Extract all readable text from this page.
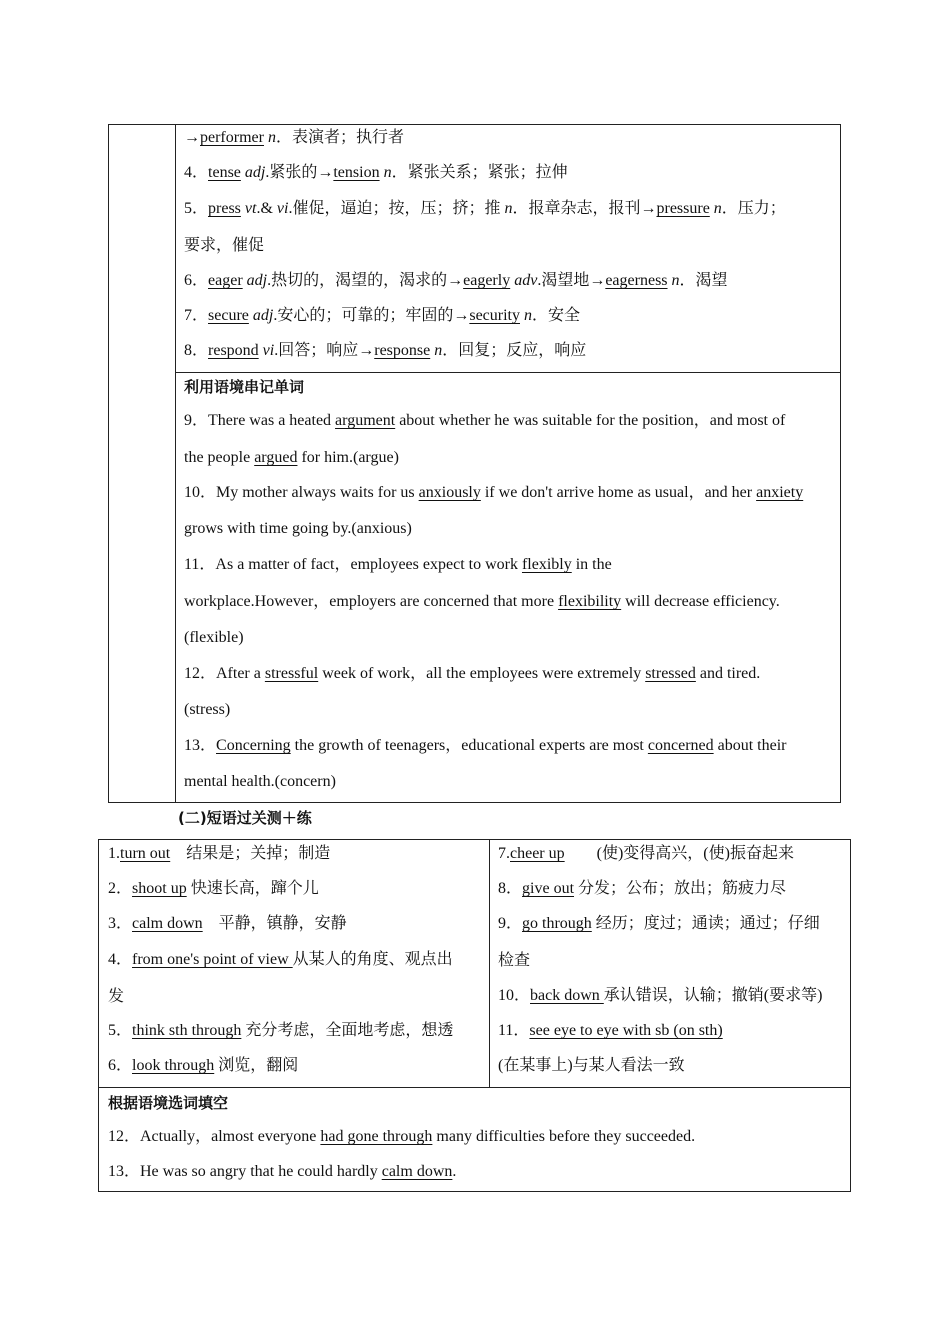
→performer n．表演者；执行者
4．tense adj.紧张的→tension n．紧张关系；紧张；拉伸
5．press vt.& vi.催促，逼迫；按，压；挤；推 n．报章杂志，报刊→pressure n．压力；
要求，催促
6．eager adj.热切的，渴望的，渴求的→eagerly adv.渴望地→eagerness n．渴望
7．secure adj.安心的；可靠的；牢固的→security n．安全
8．respond vi.回答；响应→response n．回复；反应，响应
利用语境串记单词
9．There was a heated argument about whether he was suitable for the position，and most of
the people argued for him.(argue)
10．My mother always waits for us anxiously if we don't arrive home as usual，and her anxiety
grows with time going by.(anxious)
11．As a matter of fact，employees expect to work flexibly in the
workplace.However，employers are concerned that more flexibility will decrease efficiency.
(flexible)
12．After a stressful week of work，all the employees were extremely stressed and tired.
(stress)
13．Concerning the growth of teenagers，educational experts are most concerned about their
mental health.(concern)
(二)短语过关测＋练
1.turn out　结果是；关掉；制造
2．shoot up 快速长高，蹿个儿
3．calm down　平静，镇静，安静
4．from one's point of view 从某人的角度、观点出
发
5．think sth through 充分考虑，全面地考虑，想透
6．look through 浏览，翻阅
7.cheer up　　(使)变得高兴，(使)振奋起来
8．give out 分发；公布；放出；筋疲力尽
9．go through 经历；度过；通读；通过；仔细
检查
10．back down 承认错误，认输；撤销(要求等)
11．see eye to eye with sb (on sth)
(在某事上)与某人看法一致
根据语境选词填空
12．Actually，almost everyone had gone through many difficulties before they succeeded.
13．He was so angry that he could hardly calm down.
